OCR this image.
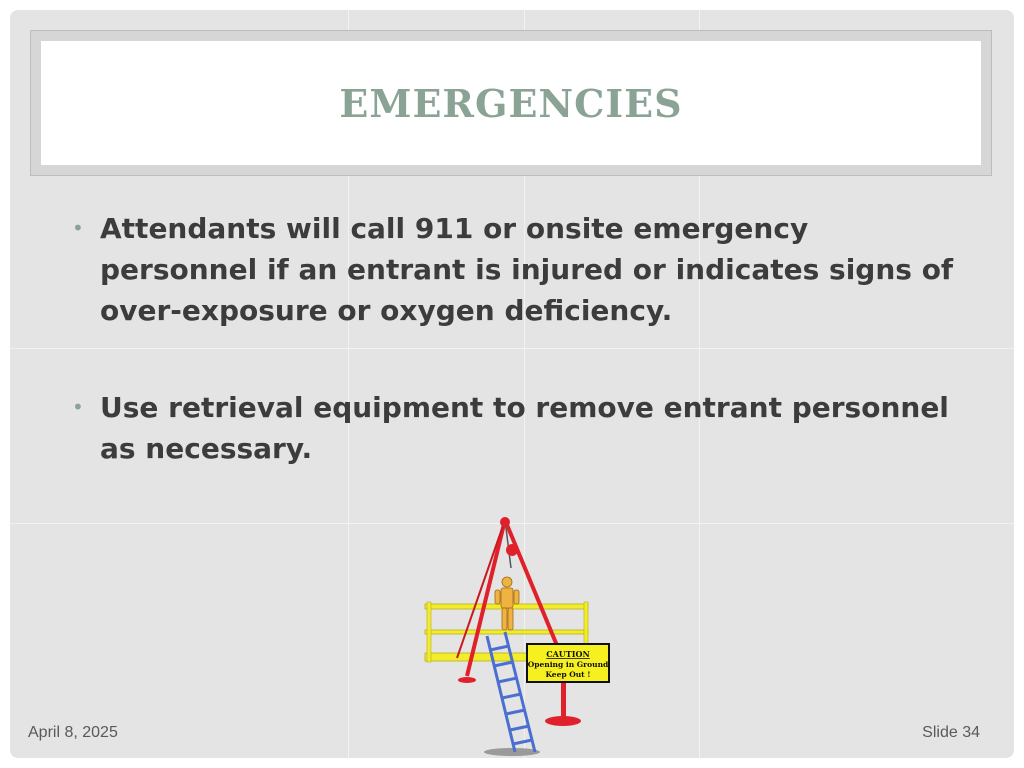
EMERGENCIES
• Attendants will call 911 or onsite emergency personnel if an entrant is injured or indicates signs of over-exposure or oxygen deficiency.
• Use retrieval equipment to remove entrant personnel as necessary.
CAUTION
Opening in Ground
Keep Out !
April 8, 2025	Slide 34
